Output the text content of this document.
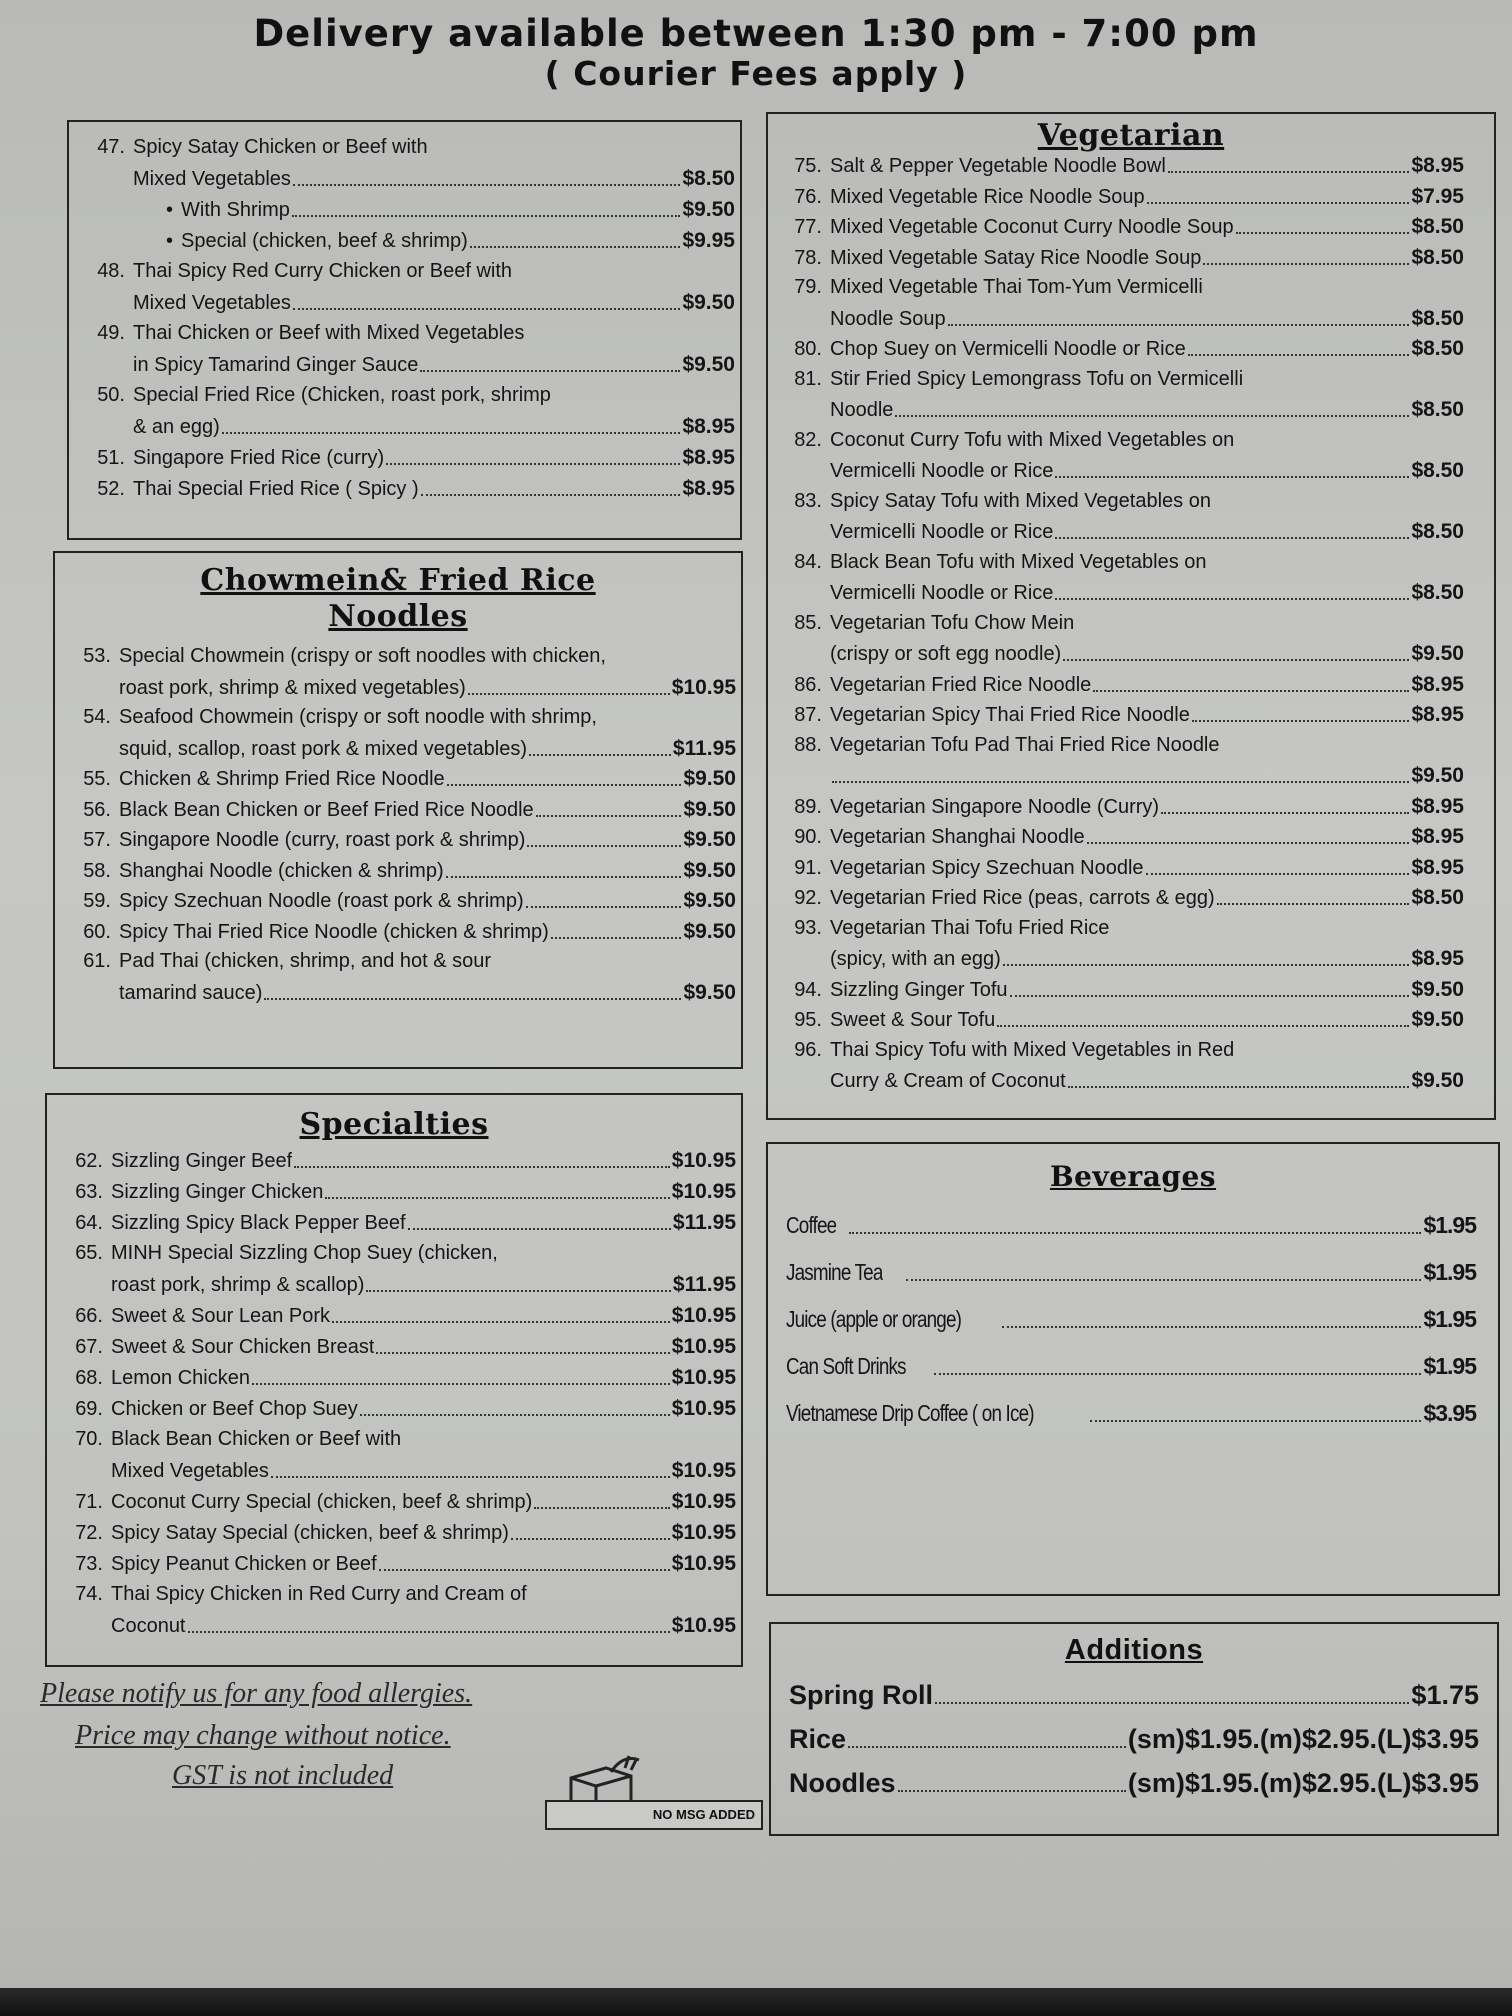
Delivery available between 1:30 pm - 7:00 pm
( Courier Fees apply )
47. Spicy Satay Chicken or Beef with
Mixed Vegetables	$8.50
•
With Shrimp	$9.50
•
Special (chicken, beef & shrimp)	$9.95
48. Thai Spicy Red Curry Chicken or Beef with
Mixed Vegetables	$9.50
49. Thai Chicken or Beef with Mixed Vegetables
in Spicy Tamarind Ginger Sauce	$9.50
50. Special Fried Rice (Chicken, roast pork, shrimp
& an egg)	$8.95
51. Singapore Fried Rice (curry)	$8.95
52. Thai Special Fried Rice ( Spicy )	$8.95
Chowmein& Fried Rice
Noodles
53. Special Chowmein (crispy or soft noodles with chicken,
roast pork, shrimp & mixed vegetables)	$10.95
54. Seafood Chowmein (crispy or soft noodle with shrimp,
squid, scallop, roast pork & mixed vegetables)	$11.95
55. Chicken & Shrimp Fried Rice Noodle	$9.50
56. Black Bean Chicken or Beef Fried Rice Noodle	$9.50
57. Singapore Noodle (curry, roast pork & shrimp)	$9.50
58. Shanghai Noodle (chicken & shrimp)	$9.50
59. Spicy Szechuan Noodle (roast pork & shrimp)	$9.50
60. Spicy Thai Fried Rice Noodle (chicken & shrimp)	$9.50
61. Pad Thai (chicken, shrimp, and hot & sour
tamarind sauce)	$9.50
Specialties
62. Sizzling Ginger Beef	$10.95
63. Sizzling Ginger Chicken	$10.95
64. Sizzling Spicy Black Pepper Beef	$11.95
65. MINH Special Sizzling Chop Suey (chicken,
roast pork, shrimp & scallop)	$11.95
66. Sweet & Sour Lean Pork	$10.95
67. Sweet & Sour Chicken Breast	$10.95
68. Lemon Chicken	$10.95
69. Chicken or Beef Chop Suey	$10.95
70. Black Bean Chicken or Beef with
Mixed Vegetables	$10.95
71. Coconut Curry Special (chicken, beef & shrimp)	$10.95
72. Spicy Satay Special (chicken, beef & shrimp)	$10.95
73. Spicy Peanut Chicken or Beef	$10.95
74. Thai Spicy Chicken in Red Curry and Cream of
Coconut	$10.95
Vegetarian
75. Salt & Pepper Vegetable Noodle Bowl	$8.95
76. Mixed Vegetable Rice Noodle Soup	$7.95
77. Mixed Vegetable Coconut Curry Noodle Soup	$8.50
78. Mixed Vegetable Satay Rice Noodle Soup	$8.50
79. Mixed Vegetable Thai Tom-Yum Vermicelli
Noodle Soup	$8.50
80. Chop Suey on Vermicelli Noodle or Rice	$8.50
81. Stir Fried Spicy Lemongrass Tofu on Vermicelli
Noodle	$8.50
82. Coconut Curry Tofu with Mixed Vegetables on
Vermicelli Noodle or Rice	$8.50
83. Spicy Satay Tofu with Mixed Vegetables on
Vermicelli Noodle or Rice	$8.50
84. Black Bean Tofu with Mixed Vegetables on
Vermicelli Noodle or Rice	$8.50
85. Vegetarian Tofu Chow Mein
(crispy or soft egg noodle)	$9.50
86. Vegetarian Fried Rice Noodle	$8.95
87. Vegetarian Spicy Thai Fried Rice Noodle	$8.95
88. Vegetarian Tofu Pad Thai Fried Rice Noodle
$9.50
89. Vegetarian Singapore Noodle (Curry)	$8.95
90. Vegetarian Shanghai Noodle	$8.95
91. Vegetarian Spicy Szechuan Noodle	$8.95
92. Vegetarian Fried Rice (peas, carrots & egg)	$8.50
93. Vegetarian Thai Tofu Fried Rice
(spicy, with an egg)	$8.95
94. Sizzling Ginger Tofu	$9.50
95. Sweet & Sour Tofu	$9.50
96. Thai Spicy Tofu with Mixed Vegetables in Red
Curry & Cream of Coconut	$9.50
Beverages
Coffee	$1.95
Jasmine Tea	$1.95
Juice (apple or orange)	$1.95
Can Soft Drinks	$1.95
Vietnamese Drip Coffee ( on Ice)	$3.95
Additions
Spring Roll	$1.75
Rice	(sm)$1.95.(m)$2.95.(L)$3.95
Noodles	(sm)$1.95.(m)$2.95.(L)$3.95
Please notify us for any food allergies.
Price may change without notice.
GST is not included
NO MSG ADDED
